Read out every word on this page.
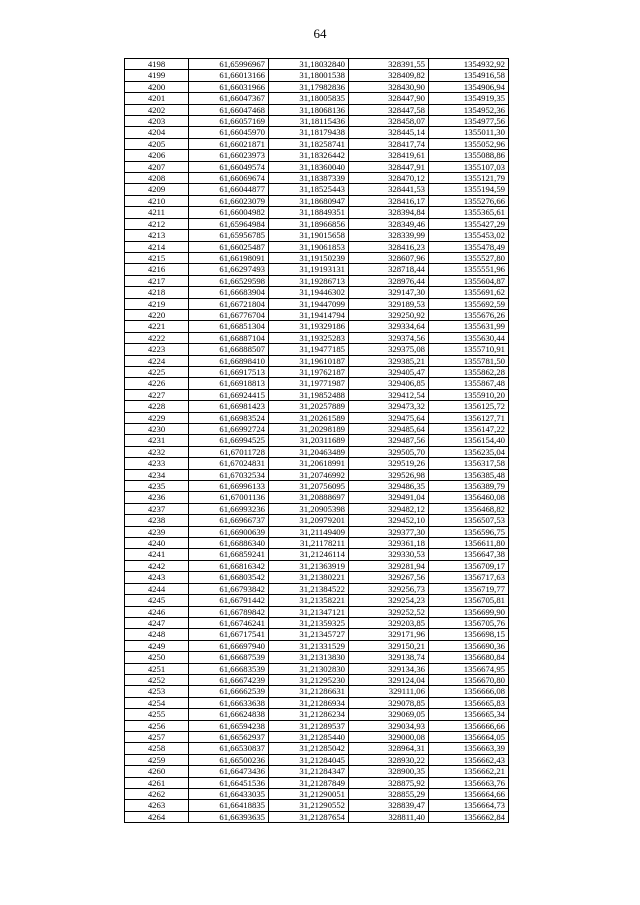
64
4198	61,65996967	31,18032840	328391,55	1354932,92
4199	61,66013166	31,18001538	328409,82	1354916,58
4200	61,66031966	31,17982836	328430,90	1354906,94
4201	61,66047367	31,18005835	328447,90	1354919,35
4202	61,66047468	31,18068136	328447,58	1354952,36
4203	61,66057169	31,18115436	328458,07	1354977,56
4204	61,66045970	31,18179438	328445,14	1355011,30
4205	61,66021871	31,18258741	328417,74	1355052,96
4206	61,66023973	31,18326442	328419,61	1355088,86
4207	61,66049574	31,18360040	328447,91	1355107,03
4208	61,66069674	31,18387339	328470,12	1355121,79
4209	61,66044877	31,18525443	328441,53	1355194,59
4210	61,66023079	31,18680947	328416,17	1355276,66
4211	61,66004982	31,18849351	328394,84	1355365,61
4212	61,65964984	31,18966856	328349,46	1355427,29
4213	61,65956785	31,19015658	328339,99	1355453,02
4214	61,66025487	31,19061853	328416,23	1355478,49
4215	61,66198091	31,19150239	328607,96	1355527,80
4216	61,66297493	31,19193131	328718,44	1355551,96
4217	61,66529598	31,19286713	328976,44	1355604,87
4218	61,66683904	31,19446302	329147,30	1355691,62
4219	61,66721804	31,19447099	329189,53	1355692,59
4220	61,66776704	31,19414794	329250,92	1355676,26
4221	61,66851304	31,19329186	329334,64	1355631,99
4222	61,66887104	31,19325283	329374,56	1355630,44
4223	61,66888507	31,19477185	329375,08	1355710,91
4224	61,66898410	31,19610187	329385,21	1355781,50
4225	61,66917513	31,19762187	329405,47	1355862,28
4226	61,66918813	31,19771987	329406,85	1355867,48
4227	61,66924415	31,19852488	329412,54	1355910,20
4228	61,66981423	31,20257889	329473,32	1356125,72
4229	61,66983524	31,20261589	329475,64	1356127,71
4230	61,66992724	31,20298189	329485,64	1356147,22
4231	61,66994525	31,20311689	329487,56	1356154,40
4232	61,67011728	31,20463489	329505,70	1356235,04
4233	61,67024831	31,20618991	329519,26	1356317,58
4234	61,67032534	31,20746992	329526,98	1356385,48
4235	61,66996133	31,20756095	329486,35	1356389,79
4236	61,67001136	31,20888697	329491,04	1356460,08
4237	61,66993236	31,20905398	329482,12	1356468,82
4238	61,66966737	31,20979201	329452,10	1356507,53
4239	61,66900639	31,21149409	329377,30	1356596,75
4240	61,66886340	31,21178211	329361,18	1356611,80
4241	61,66859241	31,21246114	329330,53	1356647,38
4242	61,66816342	31,21363919	329281,94	1356709,17
4243	61,66803542	31,21380221	329267,56	1356717,63
4244	61,66793842	31,21384522	329256,73	1356719,77
4245	61,66791442	31,21358221	329254,23	1356705,81
4246	61,66789842	31,21347121	329252,52	1356699,90
4247	61,66746241	31,21359325	329203,85	1356705,76
4248	61,66717541	31,21345727	329171,96	1356698,15
4249	61,66697940	31,21331529	329150,21	1356690,36
4250	61,66687539	31,21313830	329138,74	1356680,84
4251	61,66683539	31,21302830	329134,36	1356674,95
4252	61,66674239	31,21295230	329124,04	1356670,80
4253	61,66662539	31,21286631	329111,06	1356666,08
4254	61,66633638	31,21286934	329078,85	1356665,83
4255	61,66624838	31,21286234	329069,05	1356665,34
4256	61,66594238	31,21289537	329034,93	1356666,66
4257	61,66562937	31,21285440	329000,08	1356664,05
4258	61,66530837	31,21285042	328964,31	1356663,39
4259	61,66500236	31,21284045	328930,22	1356662,43
4260	61,66473436	31,21284347	328900,35	1356662,21
4261	61,66451536	31,21287849	328875,92	1356663,76
4262	61,66433035	31,21290051	328855,29	1356664,66
4263	61,66418835	31,21290552	328839,47	1356664,73
4264	61,66393635	31,21287654	328811,40	1356662,84
